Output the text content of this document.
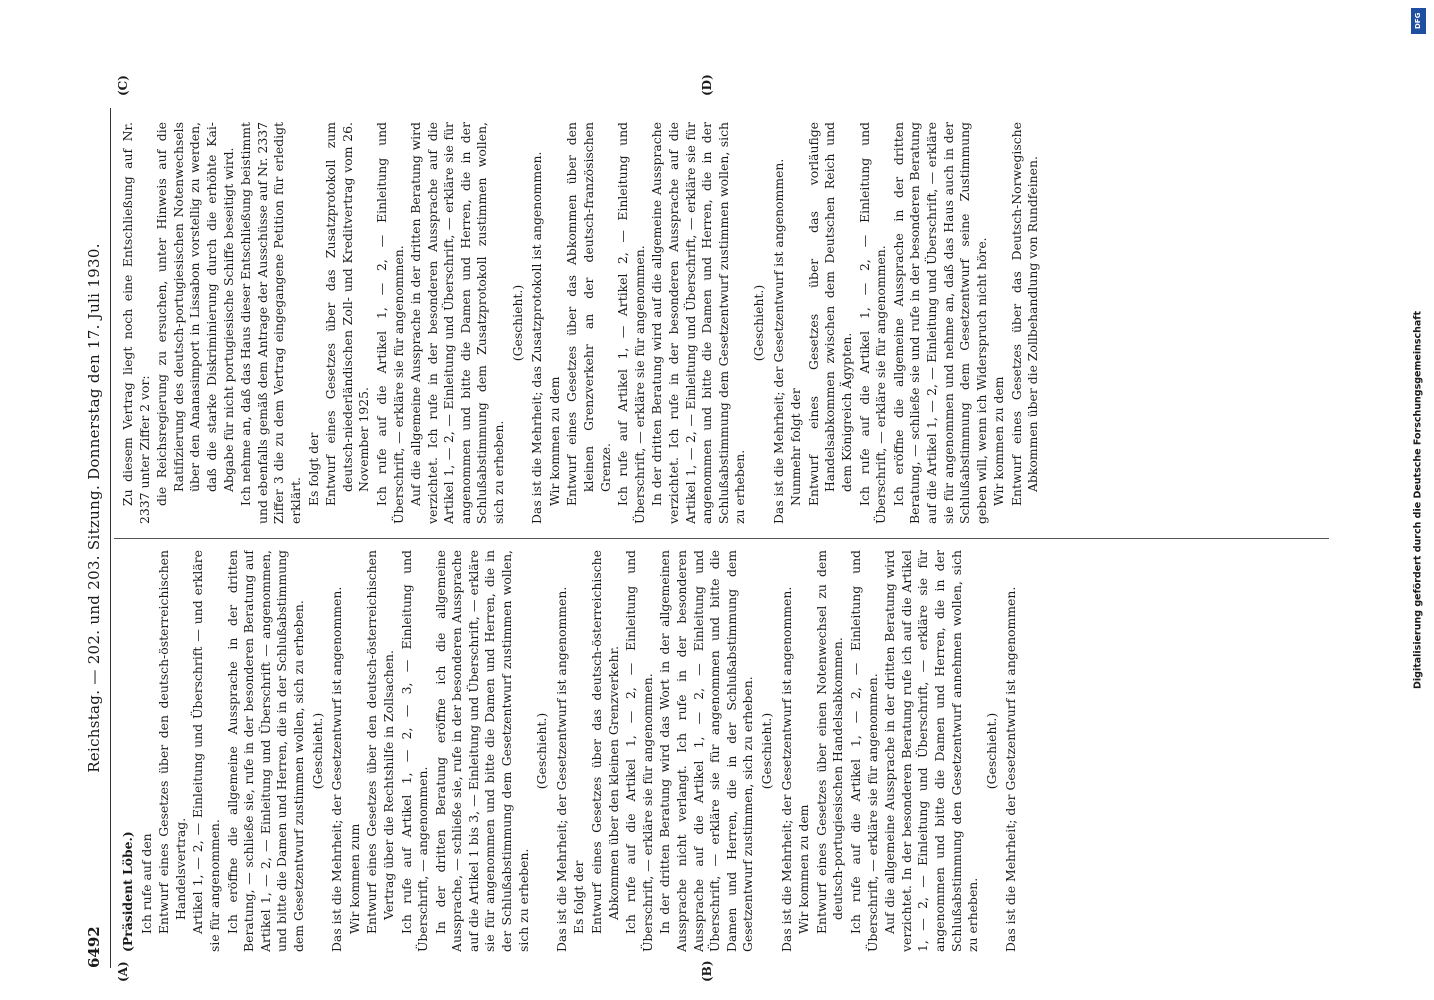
6492
Reichstag. — 202. und 203. Sitzung. Donnerstag den 17. Juli 1930.
(A)	(B)
(C)	(D)

(Präsident Löbe.) Ich rufe auf den Entwurf eines Gesetzes über den deutsch-österreichischen Handelsvertrag. Artikel 1, — 2, — Einleitung und Überschrift — und erkläre sie für angenommen. Ich eröffne die allgemeine Aussprache in der dritten Beratung, — schließe sie, rufe in der besonderen Beratung auf Artikel 1, — 2, — Einleitung und Überschrift — angenommen, und bitte die Damen und Herren, die in der Schlußabstimmung dem Gesetzentwurf zustimmen wollen, sich zu erheben. (Geschieht.) Das ist die Mehrheit; der Gesetzentwurf ist angenommen. Wir kommen zum Entwurf eines Gesetzes über den deutsch-österreichischen Vertrag über die Rechtshilfe in Zollsachen. Ich rufe auf Artikel 1, — 2, — 3, — Einleitung und Überschrift, — angenommen. In der dritten Beratung eröffne ich die allgemeine Aussprache, — schließe sie, rufe in der besonderen Aussprache auf die Artikel 1 bis 3, — Einleitung und Überschrift, — erkläre sie für angenommen und bitte die Damen und Herren, die in der Schlußabstimmung dem Gesetzentwurf zustimmen wollen, sich zu erheben.

(Geschieht.) Das ist die Mehrheit; der Gesetzentwurf ist angenommen. Es folgt der Entwurf eines Gesetzes über das deutsch-österreichische Abkommen über den kleinen Grenzverkehr. Ich rufe auf die Artikel 1, — 2, — Einleitung und Überschrift, — erkläre sie für angenommen. In der dritten Beratung wird das Wort in der allgemeinen Aussprache nicht verlangt. Ich rufe in der besonderen Aussprache auf die Artikel 1, — 2, — Einleitung und Überschrift, — erkläre sie für angenommen und bitte die Damen und Herren, die in der Schlußabstimmung dem Gesetzentwurf zustimmen, sich zu erheben. (Geschieht.) Das ist die Mehrheit; der Gesetzentwurf ist angenommen. Wir kommen zu dem Entwurf eines Gesetzes über einen Notenwechsel zu dem deutsch-portugiesischen Handelsabkommen. Ich rufe auf die Artikel 1, — 2, — Einleitung und Überschrift, — erkläre sie für angenommen. Auf die allgemeine Aussprache in der dritten Beratung wird verzichtet. In der besonderen Beratung rufe ich auf die Artikel 1, — 2, — Einleitung und Überschrift, — erkläre sie für angenommen und bitte die Damen und Herren, die in der Schlußabstimmung den Gesetzentwurf annehmen wollen, sich zu erheben.

(Geschieht.) Das ist die Mehrheit; der Gesetzentwurf ist angenommen.

Zu diesem Vertrag liegt noch eine Entschließung auf Nr. 2337 unter Ziffer 2 vor: die Reichsregierung zu ersuchen, unter Hinweis auf die Ratifizierung des deutsch-portugiesischen Notenwechsels über den Ananasimport in Lissabon vorstellig zu werden, daß die starke Diskriminierung durch die erhöhte Kai-Abgabe für nicht portugiesische Schiffe beseitigt wird. Ich nehme an, daß das Haus dieser Entschließung beistimmt und ebenfalls gemäß dem Antrage der Ausschüsse auf Nr. 2337 Ziffer 3 die zu dem Vertrag eingegangene Petition für erledigt erklärt. Es folgt der Entwurf eines Gesetzes über das Zusatzprotokoll zum deutsch-niederländischen Zoll- und Kreditvertrag vom 26. November 1925. Ich rufe auf die Artikel 1, — 2, — Einleitung und Überschrift, — erkläre sie für angenommen. Auf die allgemeine Aussprache in der dritten Beratung wird verzichtet. Ich rufe in der besonderen Aussprache auf die Artikel 1, — 2, — Einleitung und Überschrift, — erkläre sie für angenommen und bitte die Damen und Herren, die in der Schlußabstimmung dem Zusatzprotokoll zustimmen wollen, sich zu erheben.

(Geschieht.) Das ist die Mehrheit; das Zusatzprotokoll ist angenommen. Wir kommen zu dem Entwurf eines Gesetzes über das Abkommen über den kleinen Grenzverkehr an der deutsch-französischen Grenze. Ich rufe auf Artikel 1, — Artikel 2, — Einleitung und Überschrift, — erkläre sie für angenommen. In der dritten Beratung wird auf die allgemeine Aussprache verzichtet. Ich rufe in der besonderen Aussprache auf die Artikel 1, — 2, — Einleitung und Überschrift, — erkläre sie für angenommen und bitte die Damen und Herren, die in der Schlußabstimmung dem Gesetzentwurf zustimmen wollen, sich zu erheben.

(Geschieht.) Das ist die Mehrheit; der Gesetzentwurf ist angenommen. Nunmehr folgt der Entwurf eines Gesetzes über das vorläufige Handelsabkommen zwischen dem Deutschen Reich und dem Königreich Ägypten. Ich rufe auf die Artikel 1, — 2, — Einleitung und Überschrift, — erkläre sie für angenommen. Ich eröffne die allgemeine Aussprache in der dritten Beratung, — schließe sie und rufe in der besonderen Beratung auf die Artikel 1, — 2, — Einleitung und Überschrift, — erkläre sie für angenommen und nehme an, daß das Haus auch in der Schlußabstimmung dem Gesetzentwurf seine Zustimmung geben will, wenn ich Widerspruch nicht höre. Wir kommen zu dem Entwurf eines Gesetzes über das Deutsch-Norwegische Abkommen über die Zollbehandlung von Rundfeinen.

DFG
Digitalisierung gefördert durch die Deutsche Forschungsgemeinschaft
